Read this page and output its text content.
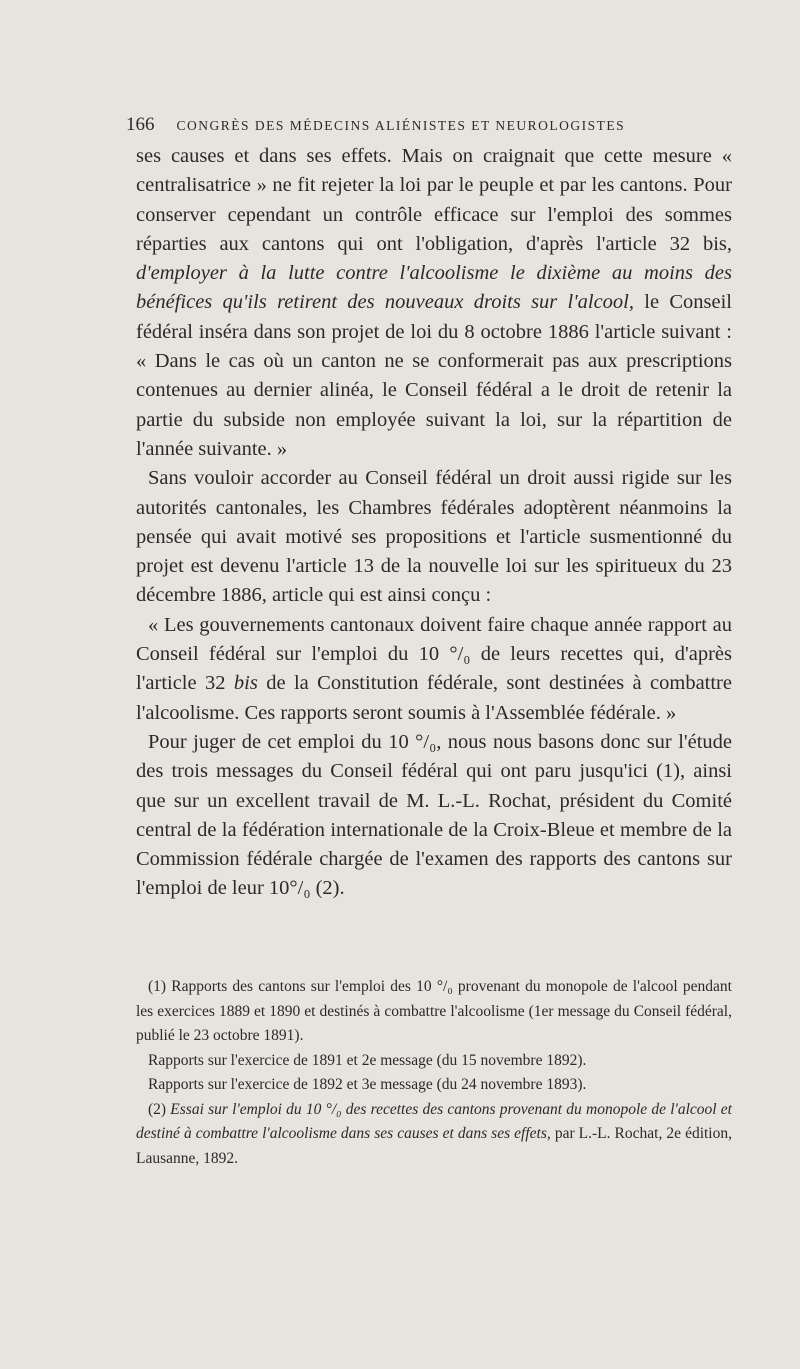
166 CONGRÈS DES MÉDECINS ALIÉNISTES ET NEUROLOGISTES

ses causes et dans ses effets. Mais on craignait que cette mesure « centralisatrice » ne fit rejeter la loi par le peuple et par les cantons. Pour conserver cependant un contrôle efficace sur l'emploi des sommes réparties aux cantons qui ont l'obligation, d'après l'article 32 bis, d'employer à la lutte contre l'alcoolisme le dixième au moins des bénéfices qu'ils retirent des nouveaux droits sur l'alcool, le Conseil fédéral inséra dans son projet de loi du 8 octobre 1886 l'article suivant : « Dans le cas où un canton ne se conformerait pas aux prescriptions contenues au dernier alinéa, le Conseil fédéral a le droit de retenir la partie du subside non employée suivant la loi, sur la répartition de l'année suivante. »

Sans vouloir accorder au Conseil fédéral un droit aussi rigide sur les autorités cantonales, les Chambres fédérales adoptèrent néanmoins la pensée qui avait motivé ses propositions et l'article susmentionné du projet est devenu l'article 13 de la nouvelle loi sur les spiritueux du 23 décembre 1886, article qui est ainsi conçu :

« Les gouvernements cantonaux doivent faire chaque année rapport au Conseil fédéral sur l'emploi du 10 °/₀ de leurs recettes qui, d'après l'article 32 bis de la Constitution fédérale, sont destinées à combattre l'alcoolisme. Ces rapports seront soumis à l'Assemblée fédérale. »

Pour juger de cet emploi du 10 °/₀, nous nous basons donc sur l'étude des trois messages du Conseil fédéral qui ont paru jusqu'ici (1), ainsi que sur un excellent travail de M. L.-L. Rochat, président du Comité central de la fédération internationale de la Croix-Bleue et membre de la Commission fédérale chargée de l'examen des rapports des cantons sur l'emploi de leur 10°/₀ (2).

(1) Rapports des cantons sur l'emploi des 10 °/₀ provenant du monopole de l'alcool pendant les exercices 1889 et 1890 et destinés à combattre l'alcoolisme (1er message du Conseil fédéral, publié le 23 octobre 1891).

Rapports sur l'exercice de 1891 et 2e message (du 15 novembre 1892).

Rapports sur l'exercice de 1892 et 3e message (du 24 novembre 1893).

(2) Essai sur l'emploi du 10 °/₀ des recettes des cantons provenant du monopole de l'alcool et destiné à combattre l'alcoolisme dans ses causes et dans ses effets, par L.-L. Rochat, 2e édition, Lausanne, 1892.
